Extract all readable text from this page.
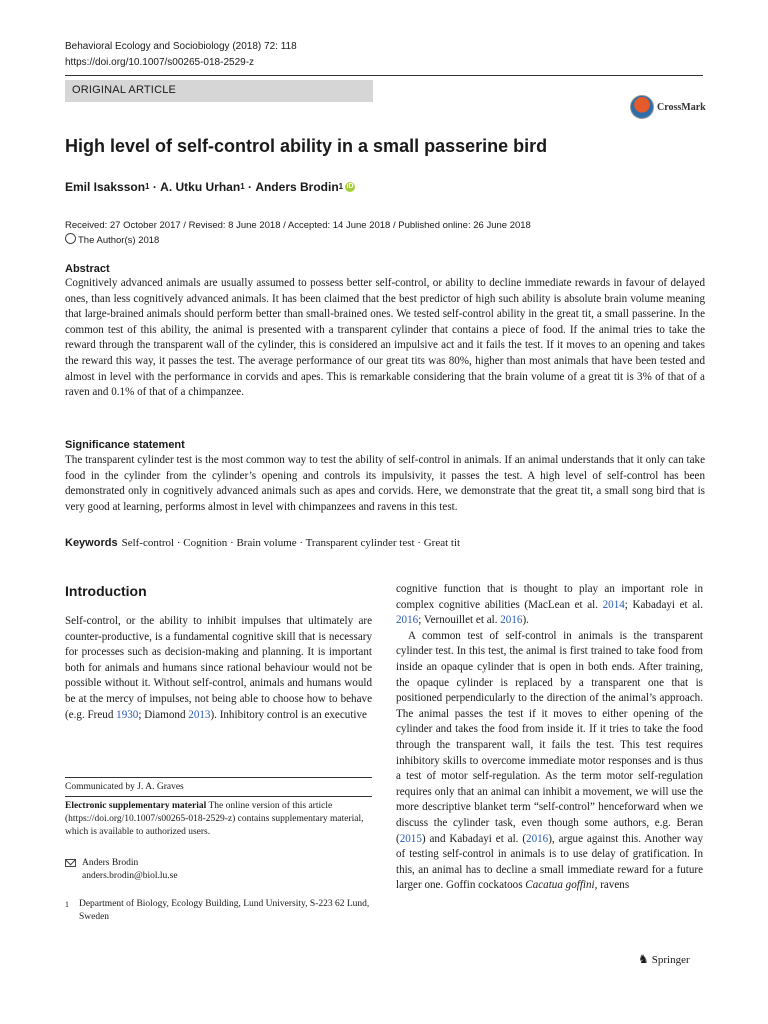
Behavioral Ecology and Sociobiology (2018) 72: 118
https://doi.org/10.1007/s00265-018-2529-z
ORIGINAL ARTICLE
CrossMark
High level of self-control ability in a small passerine bird
Emil Isaksson 1 · A. Utku Urhan 1 · Anders Brodin 1 iD
Received: 27 October 2017 / Revised: 8 June 2018 / Accepted: 14 June 2018 / Published online: 26 June 2018
The Author(s) 2018
Abstract
Cognitively advanced animals are usually assumed to possess better self-control, or ability to decline immediate rewards in favour of delayed ones, than less cognitively advanced animals. It has been claimed that the best predictor of high such ability is absolute brain volume meaning that large-brained animals should perform better than small-brained ones. We tested self-control ability in the great tit, a small passerine. In the common test of this ability, the animal is presented with a transparent cylinder that contains a piece of food. If the animal tries to take the reward through the transparent wall of the cylinder, this is considered an impulsive act and it fails the test. If it moves to an opening and takes the reward this way, it passes the test. The average performance of our great tits was 80%, higher than most animals that have been tested and almost in level with the performance in corvids and apes. This is remarkable considering that the brain volume of a great tit is 3% of that of a raven and 0.1% of that of a chimpanzee.
Significance statement
The transparent cylinder test is the most common way to test the ability of self-control in animals. If an animal understands that it only can take food in the cylinder from the cylinder’s opening and controls its impulsivity, it passes the test. A high level of self-control has been demonstrated only in cognitively advanced animals such as apes and corvids. Here, we demonstrate that the great tit, a small song bird that is very good at learning, performs almost in level with chimpanzees and ravens in this test.
Keywords Self-control · Cognition · Brain volume · Transparent cylinder test · Great tit
Introduction

Self-control, or the ability to inhibit impulses that ultimately are counter-productive, is a fundamental cognitive skill that is necessary for processes such as decision-making and planning. It is important both for animals and humans since rational behaviour would not be possible without it. Without self-control, animals and humans would be at the mercy of impulses, not being able to choose how to behave (e.g. Freud 1930; Diamond 2013). Inhibitory control is an executive

cognitive function that is thought to play an important role in complex cognitive abilities (MacLean et al. 2014; Kabadayi et al. 2016; Vernouillet et al. 2016).

A common test of self-control in animals is the transparent cylinder test. In this test, the animal is first trained to take food from inside an opaque cylinder that is open in both ends. After training, the opaque cylinder is replaced by a transparent one that is positioned perpendicularly to the direction of the animal’s approach. The animal passes the test if it moves to either opening of the cylinder and takes the food from inside it. If it tries to take the food through the transparent wall, it fails the test. This test requires inhibitory skills to overcome immediate motor responses and is thus a test of motor self-regulation. As the term motor self-regulation requires only that an animal can inhibit a movement, we will use the more descriptive blanket term “self-control” henceforward when we discuss the cylinder task, even though some authors, e.g. Beran (2015) and Kabadayi et al. (2016), argue against this. Another way of testing self-control in animals is to use delay of gratification. In this, an animal has to decline a small immediate reward for a future larger one. Goffin cockatoos Cacatua goffini, ravens

Communicated by J. A. Graves
Electronic supplementary material The online version of this article (https://doi.org/10.1007/s00265-018-2529-z) contains supplementary material, which is available to authorized users.
Anders Brodin
anders.brodin@biol.lu.se
1 Department of Biology, Ecology Building, Lund University, S-223 62 Lund, Sweden
♞ Springer
